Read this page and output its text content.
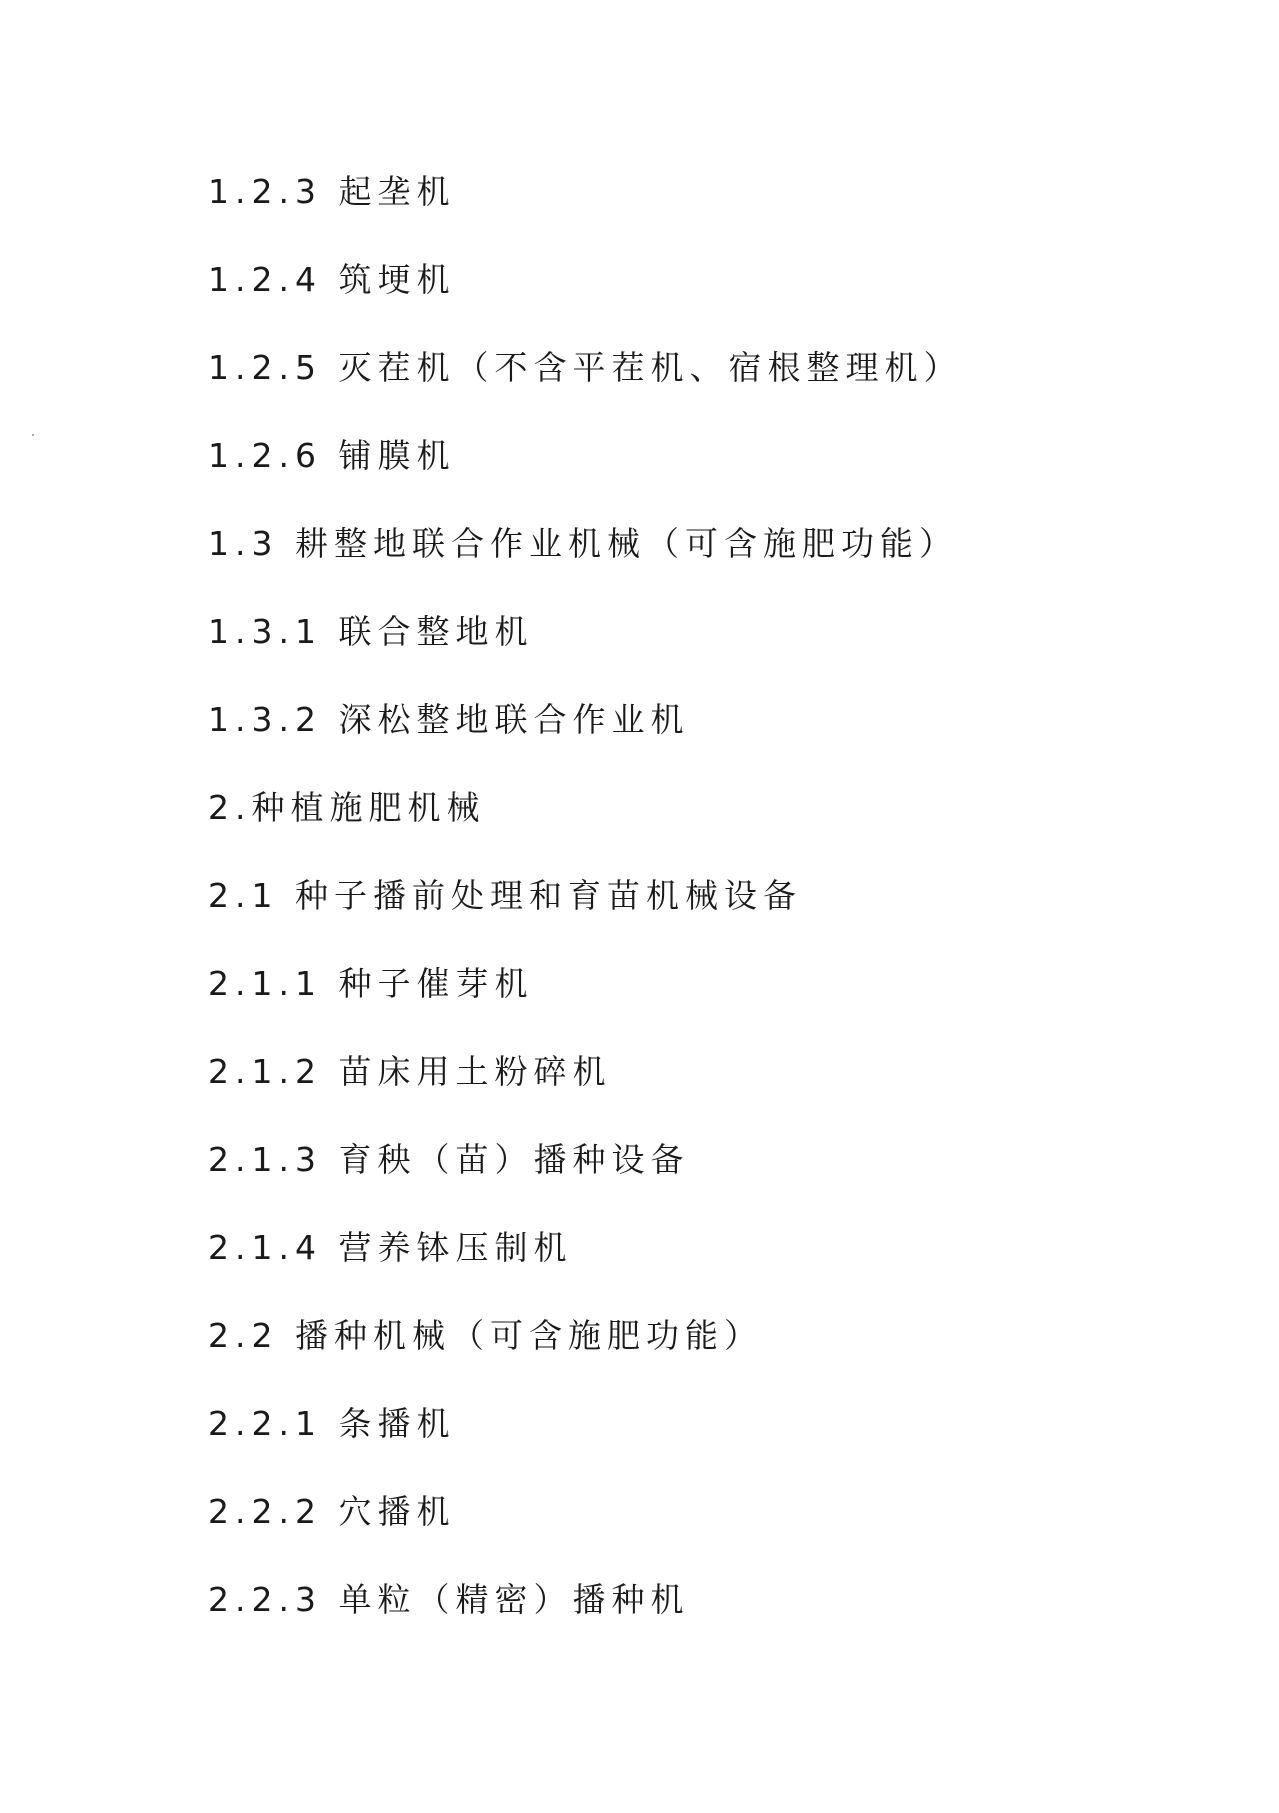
1.2.3 起垄机
1.2.4 筑埂机
1.2.5 灭茬机（不含平茬机、宿根整理机）
1.2.6 铺膜机
1.3 耕整地联合作业机械（可含施肥功能）
1.3.1 联合整地机
1.3.2 深松整地联合作业机
2.种植施肥机械
2.1 种子播前处理和育苗机械设备
2.1.1 种子催芽机
2.1.2 苗床用土粉碎机
2.1.3 育秧（苗）播种设备
2.1.4 营养钵压制机
2.2 播种机械（可含施肥功能）
2.2.1 条播机
2.2.2 穴播机
2.2.3 单粒（精密）播种机
